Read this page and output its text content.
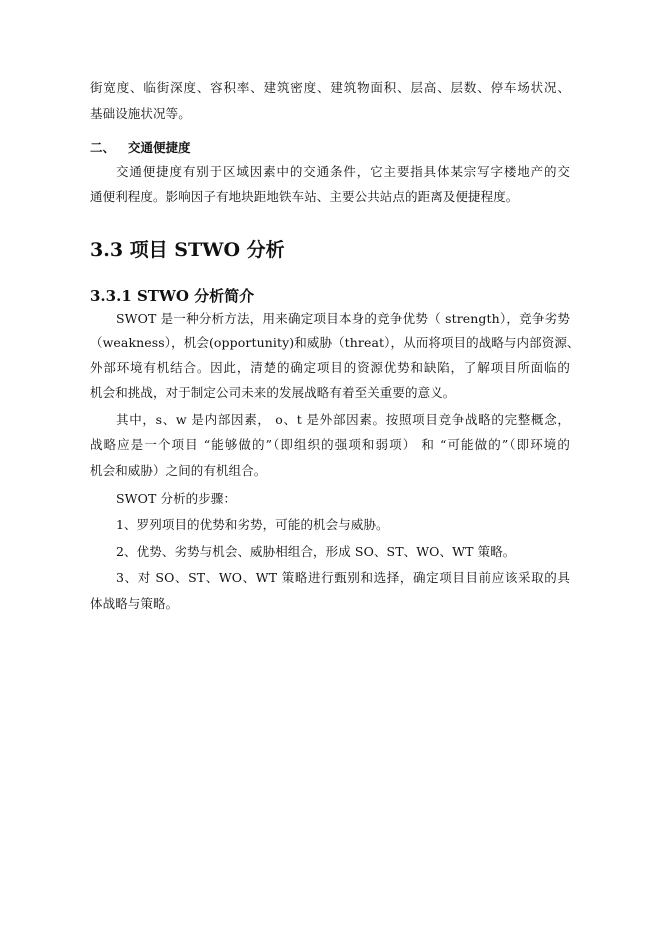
街宽度、临街深度、容积率、建筑密度、建筑物面积、层高、层数、停车场状况、
基础设施状况等。
二、 交通便捷度
交通便捷度有别于区域因素中的交通条件，它主要指具体某宗写字楼地产的交
通便利程度。影响因子有地块距地铁车站、主要公共站点的距离及便捷程度。
3.3 项目 STWO 分析
3.3.1 STWO 分析简介
SWOT 是一种分析方法，用来确定项目本身的竞争优势（ strength），竞争劣势
（weakness），机会(opportunity)和威胁（threat），从而将项目的战略与内部资源、
外部环境有机结合。因此，清楚的确定项目的资源优势和缺陷，了解项目所面临的
机会和挑战，对于制定公司未来的发展战略有着至关重要的意义。
其中，s、w 是内部因素， o、t 是外部因素。按照项目竞争战略的完整概念，
战略应是一个项目 “能够做的”（即组织的强项和弱项） 和 “可能做的”（即环境的
机会和威胁）之间的有机组合。
SWOT 分析的步骤：
1、罗列项目的优势和劣势，可能的机会与威胁。
2、优势、劣势与机会、威胁相组合，形成 SO、ST、WO、WT 策略。
3、对 SO、ST、WO、WT 策略进行甄别和选择，确定项目目前应该采取的具
体战略与策略。
